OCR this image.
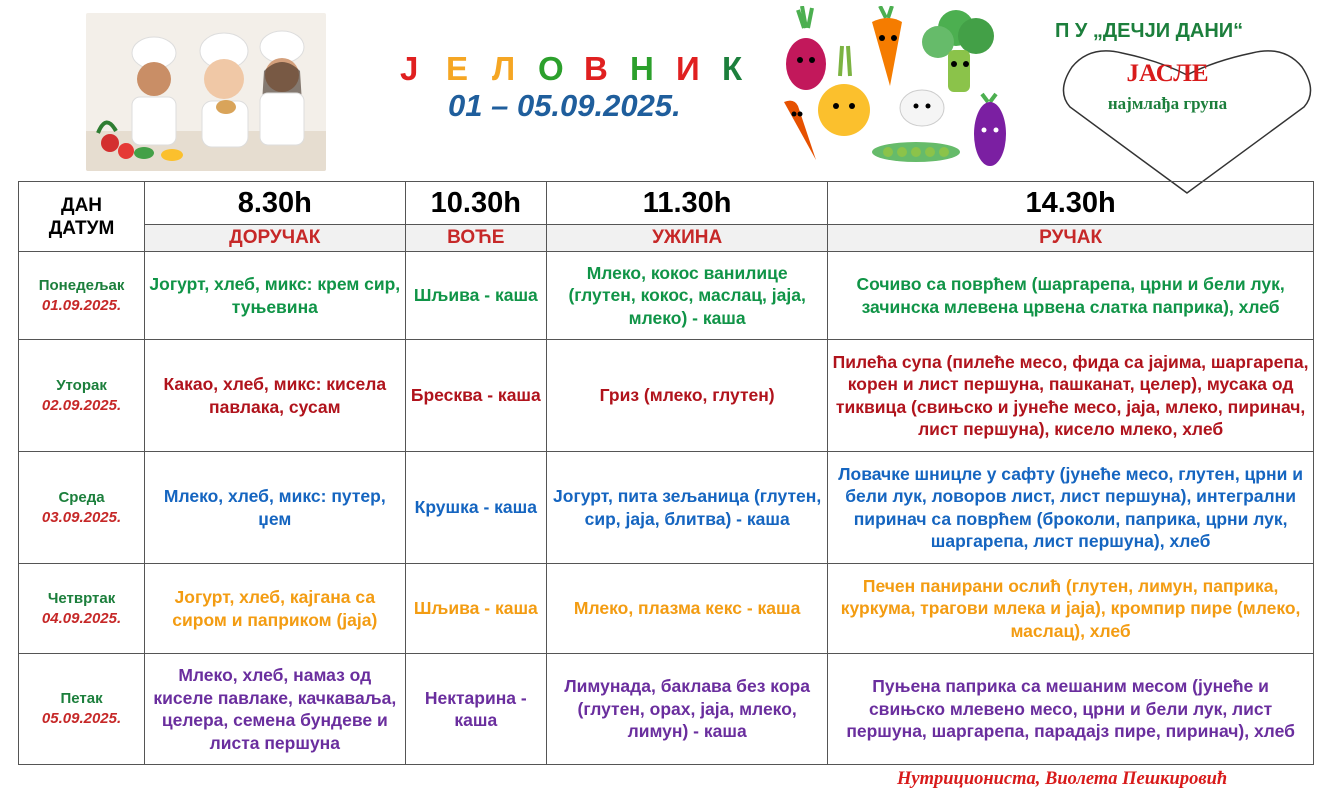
Ј Е Л О В Н И К
01 – 05.09.2025.
П У „ДЕЧЈИ ДАНИ“
ЈАСЛЕ
најмлађа група
ДАН
ДАТУМ	8.30h	10.30h	11.30h	14.30h
	ДОРУЧАК	ВОЋЕ	УЖИНА	РУЧАК

Понедељак
01.09.2025.	Јогурт, хлеб, микс: крем сир, туњевина	Шљива - каша	Млеко, кокос ванилице (глутен, кокос, маслац, јаја, млеко) - каша	Сочиво са поврћем (шаргарепа, црни и бели лук, зачинска млевена црвена слатка паприка), хлеб

Уторак
02.09.2025.	Какао, хлеб, микс: кисела павлака, сусам	Бресква - каша	Гриз (млеко, глутен)	Пилећа супа (пилеће месо, фида са јајима, шаргарепа, корен и лист першуна, пашканат, целер), мусака од тиквица (свињско и јунеће месо, јаја, млеко, пиринач, лист першуна), кисело млеко, хлеб

Среда
03.09.2025.	Млеко, хлеб, микс: путер, џем	Крушка - каша	Јогурт, пита зељаница (глутен, сир, јаја, блитва) - каша	Ловачке шницле у сафту (јунеће месо, глутен, црни и бели лук, ловоров лист, лист першуна), интегрални пиринач са поврћем (броколи, паприка, црни лук, шаргарепа, лист першуна), хлеб

Четвртак
04.09.2025.	Јогурт, хлеб, кајгана са сиром и паприком (јаја)	Шљива - каша	Млеко, плазма кекс - каша	Печен панирани ослић (глутен, лимун, паприка, куркума, трагови млека и јаја), кромпир пире (млеко, маслац), хлеб

Петак
05.09.2025.	Млеко, хлеб, намаз од киселе павлаке, качкаваља, целера, семена бундеве и листа першуна	Нектарина - каша	Лимунада, баклава без кора (глутен, орах, јаја, млеко, лимун) - каша	Пуњена паприка са мешаним месом (јунеће и свињско млевено месо, црни и бели лук, лист першуна, шаргарепа, парадајз пире, пиринач), хлеб
Нутрициониста, Виолета Пешкировић
